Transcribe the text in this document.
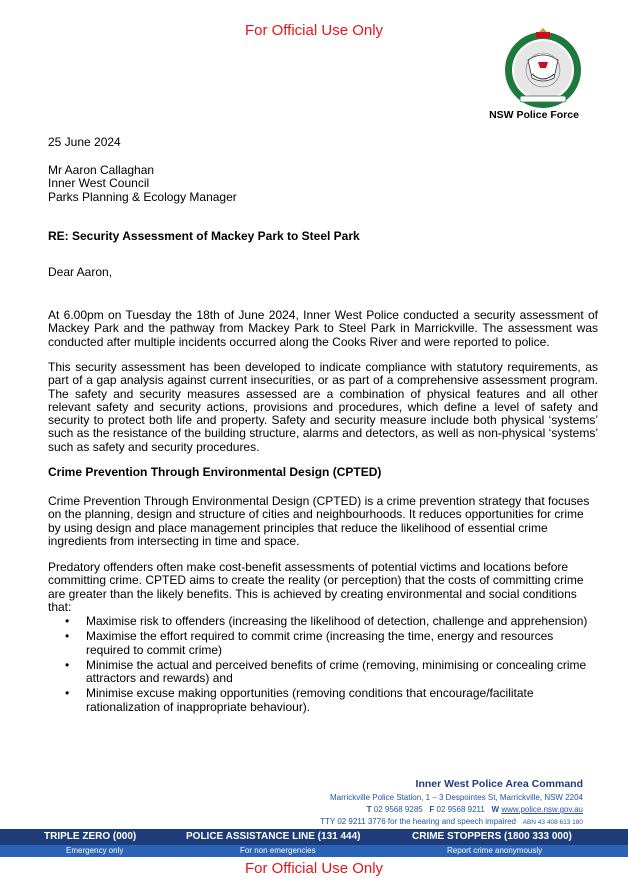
For Official Use Only
NSW Police Force
25 June 2024
Mr Aaron Callaghan
Inner West Council
Parks Planning & Ecology Manager
RE: Security Assessment of Mackey Park to Steel Park
Dear Aaron,
At 6.00pm on Tuesday the 18th of June 2024, Inner West Police conducted a security assessment of Mackey Park and the pathway from Mackey Park to Steel Park in Marrickville. The assessment was conducted after multiple incidents occurred along the Cooks River and were reported to police.
This security assessment has been developed to indicate compliance with statutory requirements, as part of a gap analysis against current insecurities, or as part of a comprehensive assessment program. The safety and security measures assessed are a combination of physical features and all other relevant safety and security actions, provisions and procedures, which define a level of safety and security to protect both life and property. Safety and security measure include both physical ‘systems’ such as the resistance of the building structure, alarms and detectors, as well as non-physical ‘systems’ such as safety and security procedures.
Crime Prevention Through Environmental Design (CPTED)
Crime Prevention Through Environmental Design (CPTED) is a crime prevention strategy that focuses on the planning, design and structure of cities and neighbourhoods. It reduces opportunities for crime by using design and place management principles that reduce the likelihood of essential crime ingredients from intersecting in time and space.
Predatory offenders often make cost-benefit assessments of potential victims and locations before committing crime. CPTED aims to create the reality (or perception) that the costs of committing crime are greater than the likely benefits. This is achieved by creating environmental and social conditions that:
• Maximise risk to offenders (increasing the likelihood of detection, challenge and apprehension)
• Maximise the effort required to commit crime (increasing the time, energy and resources required to commit crime)
• Minimise the actual and perceived benefits of crime (removing, minimising or concealing crime attractors and rewards) and
• Minimise excuse making opportunities (removing conditions that encourage/facilitate rationalization of inappropriate behaviour).
Inner West Police Area Command
Marrickville Police Station, 1 – 3 Despointes St, Marrickville, NSW 2204
T 02 9568 9285 F 02 9568 9211 W www.police.nsw.gov.au
TTY 02 9211 3776 for the hearing and speech impaired ABN 43 408 613 180
TRIPLE ZERO (000)	POLICE ASSISTANCE LINE (131 444)	CRIME STOPPERS (1800 333 000)
Emergency only	For non emergencies	Report crime anonymously
For Official Use Only
